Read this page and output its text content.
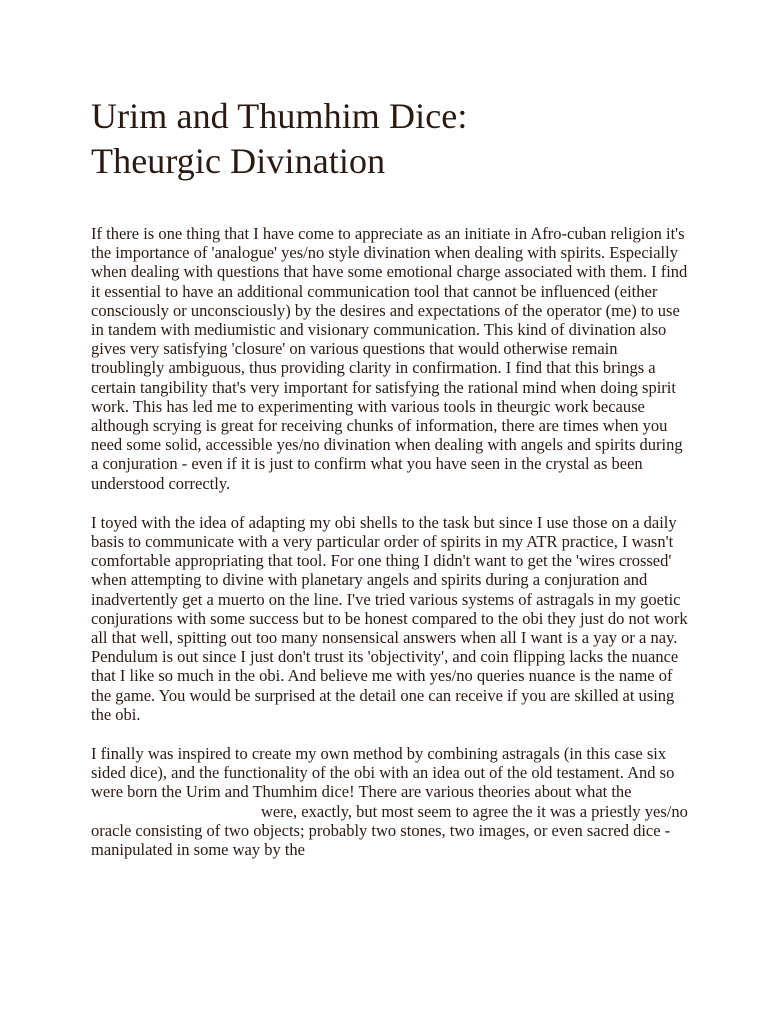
Urim and Thumhim Dice:
Theurgic Divination

If there is one thing that I have come to appreciate as an initiate in Afro-cuban religion it's the importance of 'analogue' yes/no style divination when dealing with spirits. Especially when dealing with questions that have some emotional charge associated with them. I find it essential to have an additional communication tool that cannot be influenced (either consciously or unconsciously) by the desires and expectations of the operator (me) to use in tandem with mediumistic and visionary communication. This kind of divination also gives very satisfying 'closure' on various questions that would otherwise remain troublingly ambiguous, thus providing clarity in confirmation. I find that this brings a certain tangibility that's very important for satisfying the rational mind when doing spirit work. This has led me to experimenting with various tools in theurgic work because although scrying is great for receiving chunks of information, there are times when you need some solid, accessible yes/no divination when dealing with angels and spirits during a conjuration - even if it is just to confirm what you have seen in the crystal as been understood correctly.

I toyed with the idea of adapting my obi shells to the task but since I use those on a daily basis to communicate with a very particular order of spirits in my ATR practice, I wasn't comfortable appropriating that tool. For one thing I didn't want to get the 'wires crossed' when attempting to divine with planetary angels and spirits during a conjuration and inadvertently get a muerto on the line. I've tried various systems of astragals in my goetic conjurations with some success but to be honest compared to the obi they just do not work all that well, spitting out too many nonsensical answers when all I want is a yay or a nay. Pendulum is out since I just don't trust its 'objectivity', and coin flipping lacks the nuance that I like so much in the obi. And believe me with yes/no queries nuance is the name of the game. You would be surprised at the detail one can receive if you are skilled at using the obi.

I finally was inspired to create my own method by combining astragals (in this case six sided dice), and the functionality of the obi with an idea out of the old testament. And so were born the Urim and Thumhim dice! There are various theories about what the were, exactly, but most seem to agree the it was a priestly yes/no oracle consisting of two objects; probably two stones, two images, or even sacred dice - manipulated in some way by the
